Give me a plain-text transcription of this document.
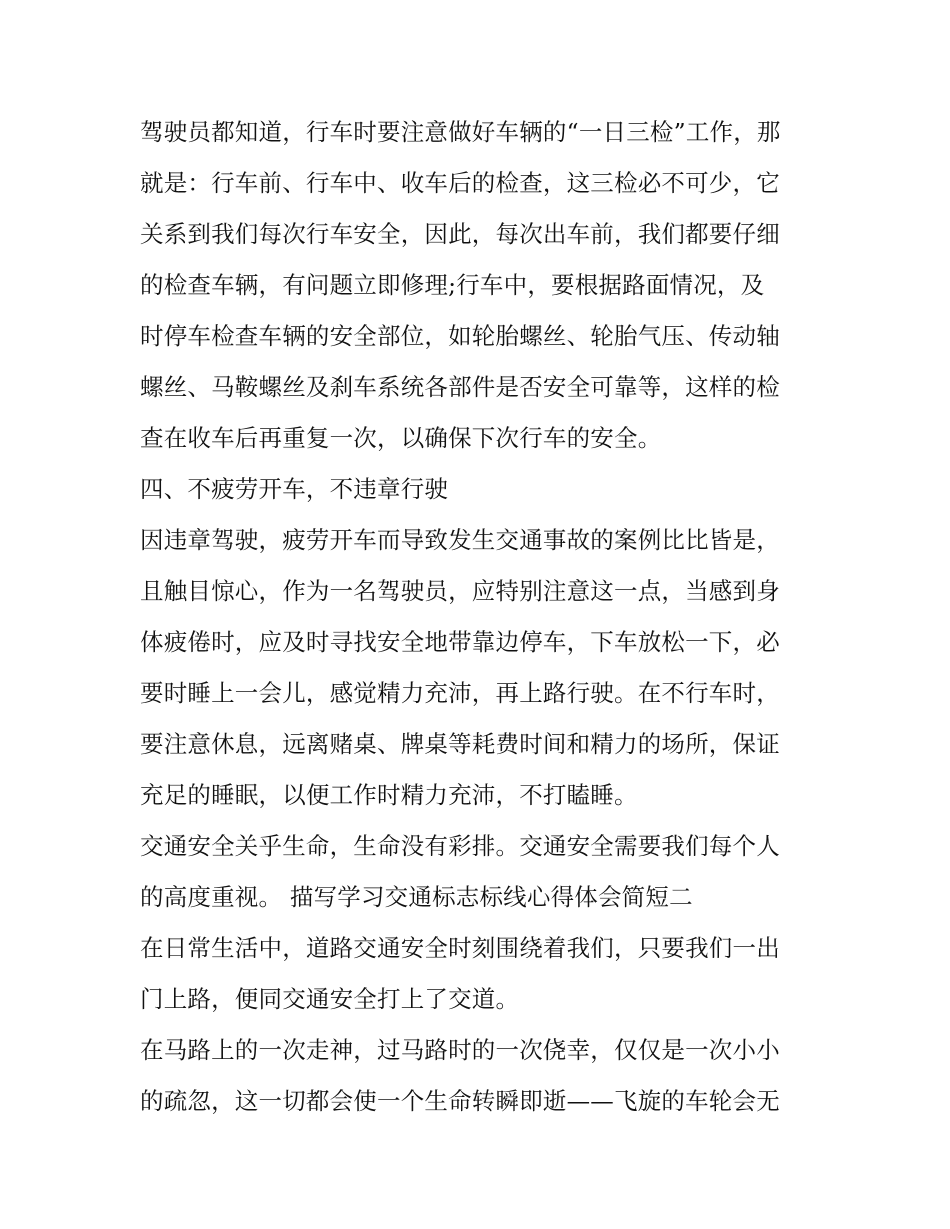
驾驶员都知道，行车时要注意做好车辆的“一日三检”工作，那
就是：行车前、行车中、收车后的检查，这三检必不可少，它
关系到我们每次行车安全，因此，每次出车前，我们都要仔细
的检查车辆，有问题立即修理;行车中，要根据路面情况，及
时停车检查车辆的安全部位，如轮胎螺丝、轮胎气压、传动轴
螺丝、马鞍螺丝及刹车系统各部件是否安全可靠等，这样的检
查在收车后再重复一次，以确保下次行车的安全。
四、不疲劳开车，不违章行驶
因违章驾驶，疲劳开车而导致发生交通事故的案例比比皆是，
且触目惊心，作为一名驾驶员，应特别注意这一点，当感到身
体疲倦时，应及时寻找安全地带靠边停车，下车放松一下，必
要时睡上一会儿，感觉精力充沛，再上路行驶。在不行车时，
要注意休息，远离赌桌、牌桌等耗费时间和精力的场所，保证
充足的睡眠，以便工作时精力充沛，不打瞌睡。
交通安全关乎生命，生命没有彩排。交通安全需要我们每个人
的高度重视。 描写学习交通标志标线心得体会简短二
在日常生活中，道路交通安全时刻围绕着我们，只要我们一出
门上路，便同交通安全打上了交道。
在马路上的一次走神，过马路时的一次侥幸，仅仅是一次小小
的疏忽，这一切都会使一个生命转瞬即逝——飞旋的车轮会无
